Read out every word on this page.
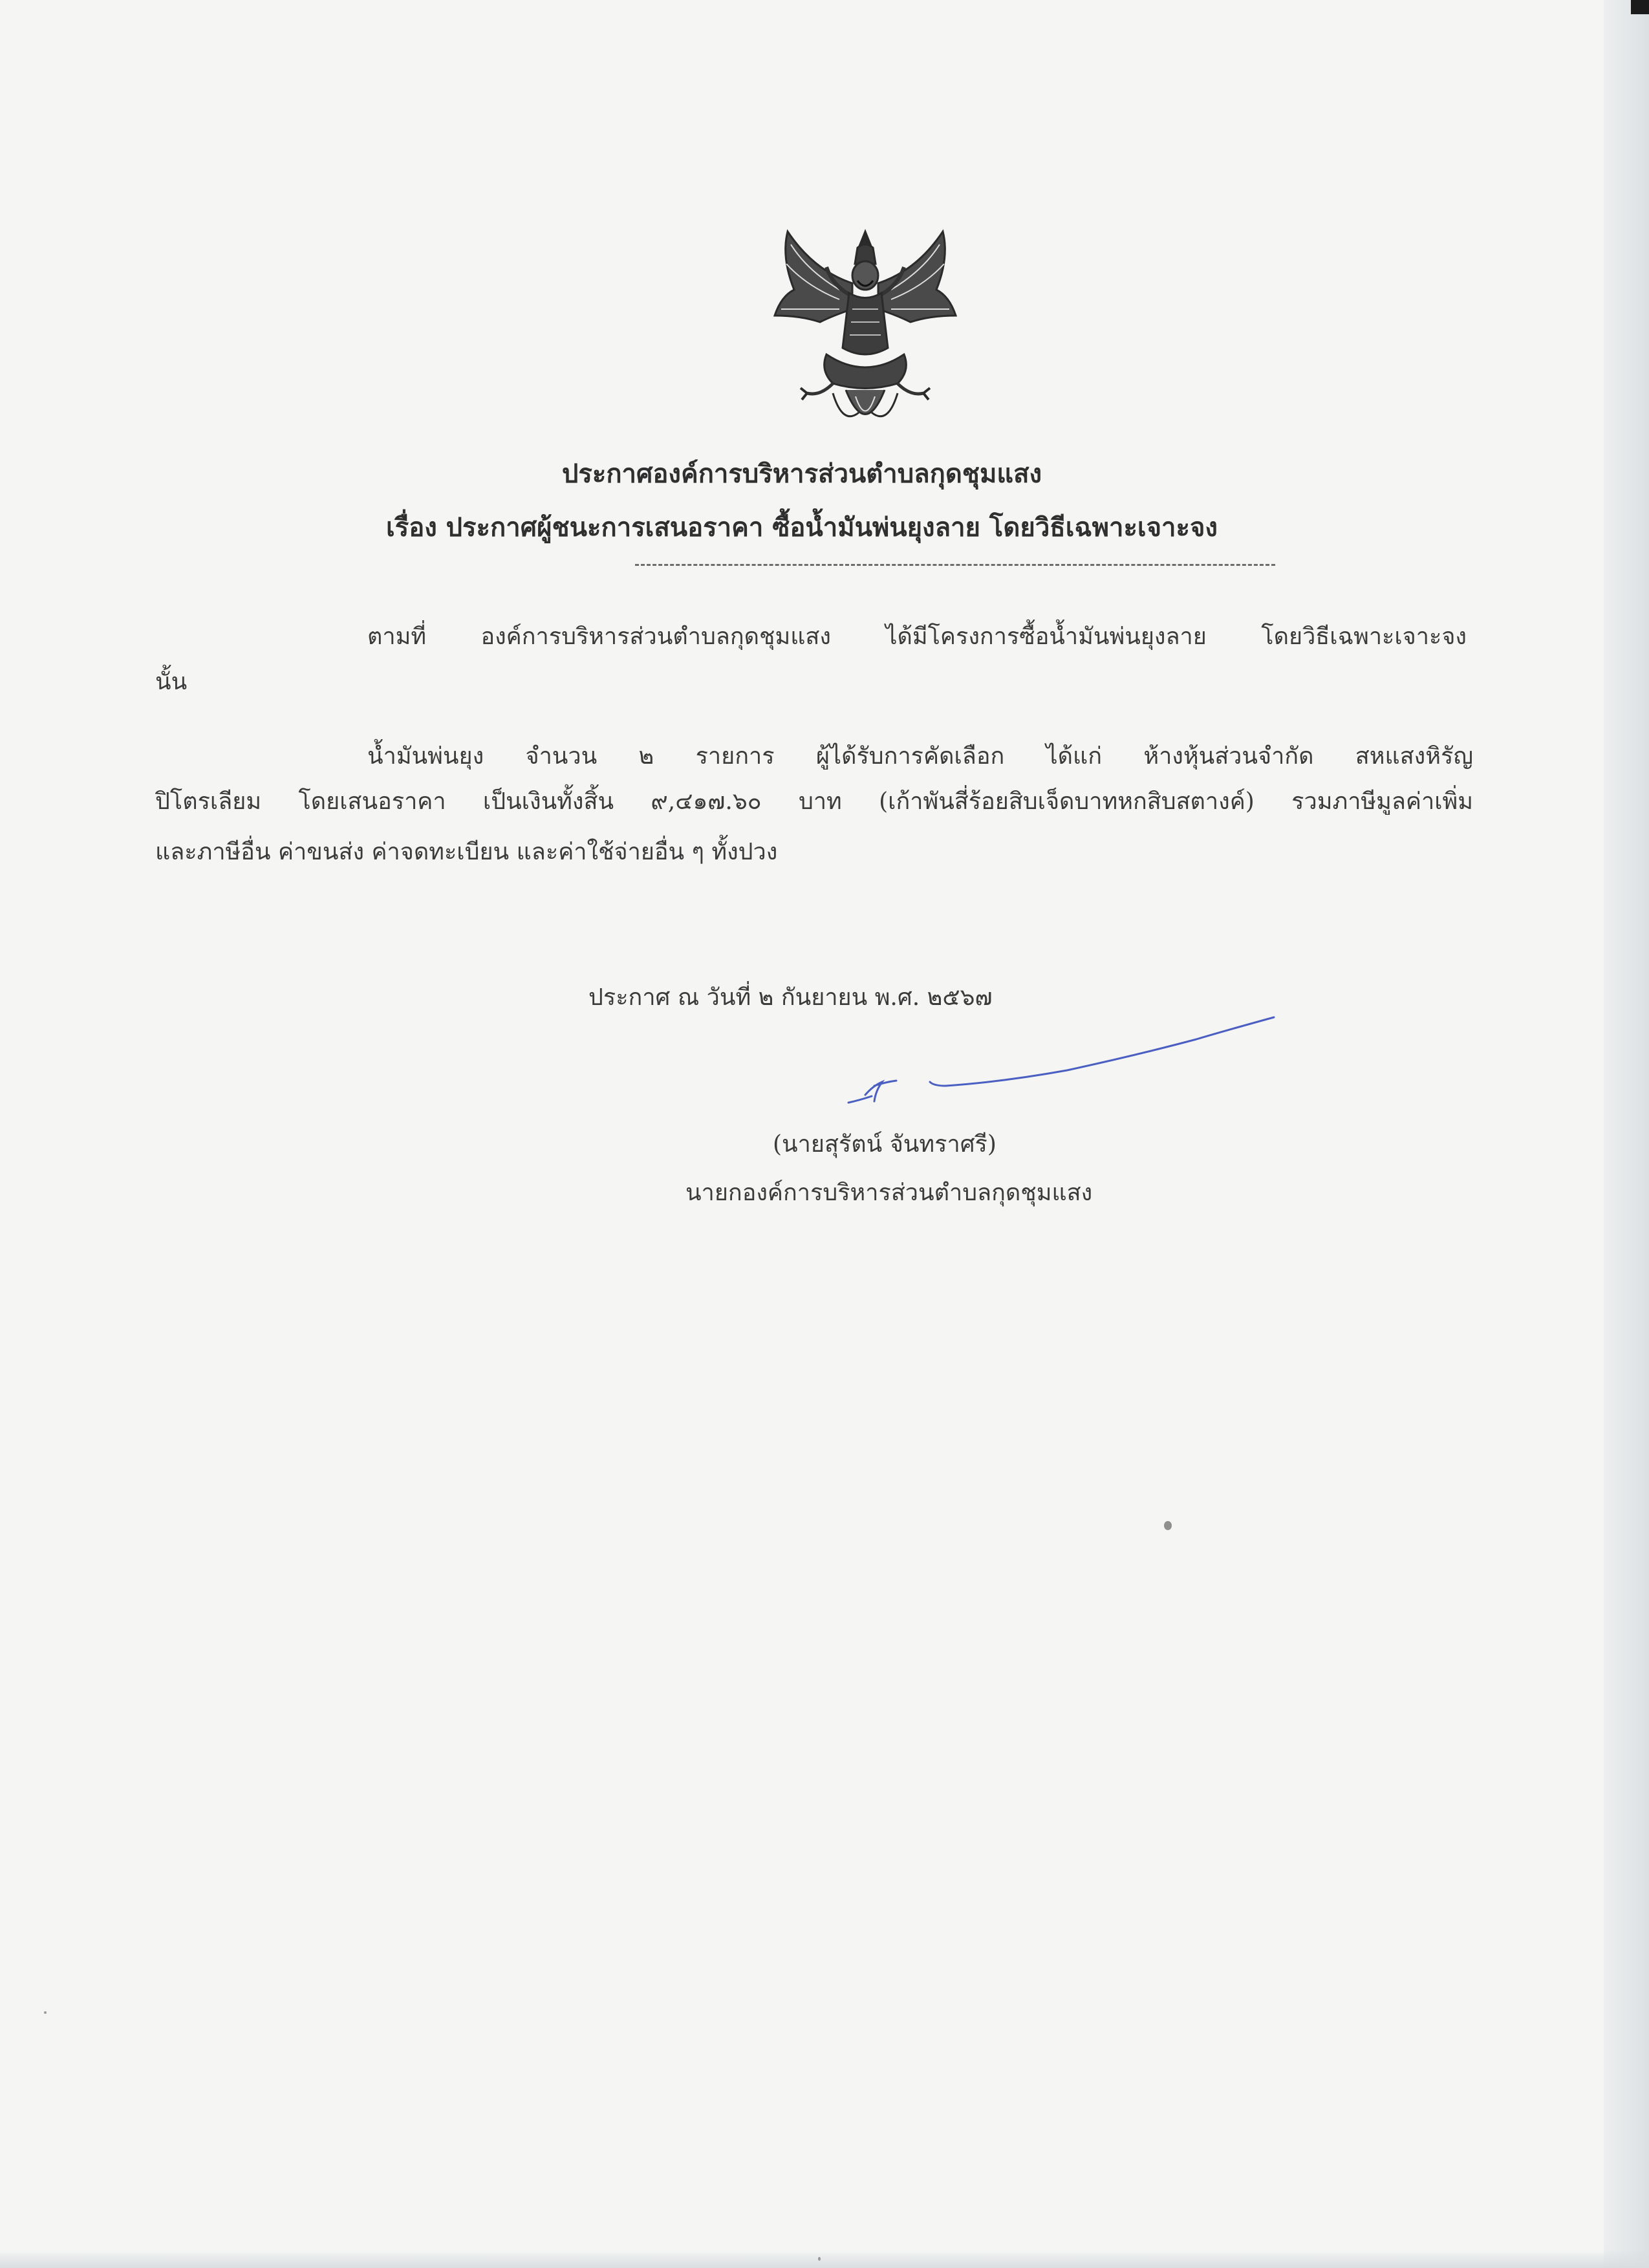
ประกาศองค์การบริหารส่วนตำบลกุดชุมแสง
เรื่อง ประกาศผู้ชนะการเสนอราคา ซื้อน้ำมันพ่นยุงลาย โดยวิธีเฉพาะเจาะจง
ตามที่ องค์การบริหารส่วนตำบลกุดชุมแสง ได้มีโครงการซื้อน้ำมันพ่นยุงลาย โดยวิธีเฉพาะเจาะจง
นั้น
น้ำมันพ่นยุง จำนวน ๒ รายการ ผู้ได้รับการคัดเลือก ได้แก่ ห้างหุ้นส่วนจำกัด สหแสงหิรัญ
ปิโตรเลียม โดยเสนอราคา เป็นเงินทั้งสิ้น ๙,๔๑๗.๖๐ บาท (เก้าพันสี่ร้อยสิบเจ็ดบาทหกสิบสตางค์) รวมภาษีมูลค่าเพิ่ม
และภาษีอื่น ค่าขนส่ง ค่าจดทะเบียน และค่าใช้จ่ายอื่น ๆ ทั้งปวง
ประกาศ ณ วันที่ ๒ กันยายน พ.ศ. ๒๕๖๗
(นายสุรัตน์ จันทราศรี)
นายกองค์การบริหารส่วนตำบลกุดชุมแสง
